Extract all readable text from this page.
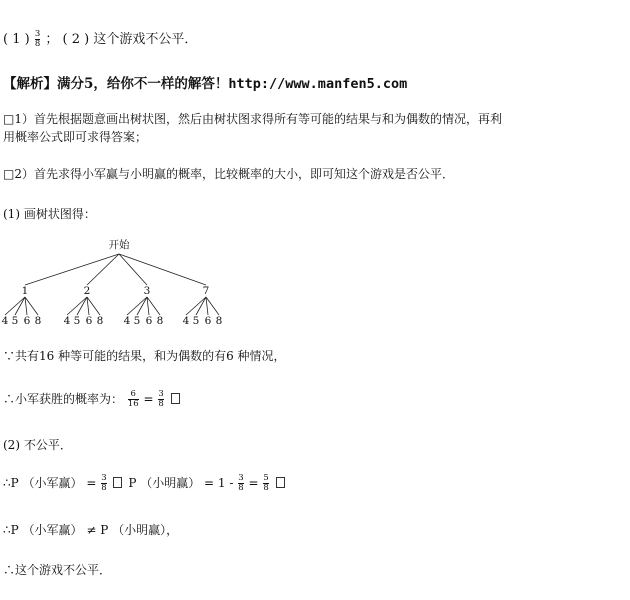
( 1 ) $\frac{3}{8}$ ； ( 2 ) 这个游戏不公平．
【解析】满分5，给你不一样的解答！http://www.manfen5.com
□1）首先根据题意画出树状图，然后由树状图求得所有等可能的结果与和为偶数的情况，再利
用概率公式即可求得答案；
□2）首先求得小军赢与小明赢的概率，比较概率的大小，即可知这个游戏是否公平．
(1) 画树状图得：
开始
1	2	3	7
4 5 6 8 4 5 6 8 4 5 6 8 4 5 6 8
∵共有16 种等可能的结果，和为偶数的有6 种情况，
∴小军获胜的概率为： $\frac{6}{16} = \frac{3}{8}$

(2) 不公平．
∴P （小军赢） = $\frac{3}{8}$ P （小明赢） = $1 - \frac{3}{8} = \frac{5}{8}$

∴P （小军赢） ≠ P （小明赢），
∴这个游戏不公平．
